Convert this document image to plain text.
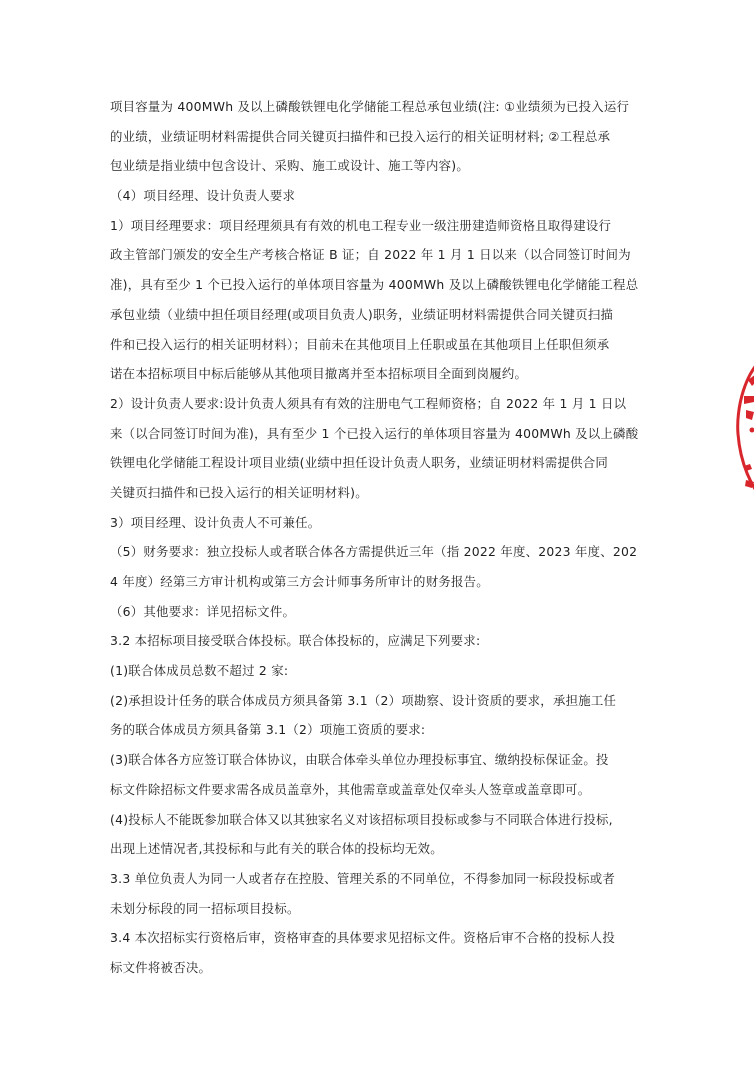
项目容量为 400MWh 及以上磷酸铁锂电化学储能工程总承包业绩(注: ①业绩须为已投入运行
的业绩，业绩证明材料需提供合同关键页扫描件和已投入运行的相关证明材料; ②工程总承
包业绩是指业绩中包含设计、采购、施工或设计、施工等内容)。
（4）项目经理、设计负责人要求
1）项目经理要求：项目经理须具有有效的机电工程专业一级注册建造师资格且取得建设行
政主管部门颁发的安全生产考核合格证 B 证；自 2022 年 1 月 1 日以来（以合同签订时间为
准)，具有至少 1 个已投入运行的单体项目容量为 400MWh 及以上磷酸铁锂电化学储能工程总
承包业绩（业绩中担任项目经理(或项目负责人)职务，业绩证明材料需提供合同关键页扫描
件和已投入运行的相关证明材料）；目前未在其他项目上任职或虽在其他项目上任职但须承
诺在本招标项目中标后能够从其他项目撤离并至本招标项目全面到岗履约。
2）设计负责人要求:设计负责人须具有有效的注册电气工程师资格；自 2022 年 1 月 1 日以
来（以合同签订时间为准)，具有至少 1 个已投入运行的单体项目容量为 400MWh 及以上磷酸
铁锂电化学储能工程设计项目业绩(业绩中担任设计负责人职务，业绩证明材料需提供合同
关键页扫描件和已投入运行的相关证明材料)。
3）项目经理、设计负责人不可兼任。
（5）财务要求：独立投标人或者联合体各方需提供近三年（指 2022 年度、2023 年度、202
4 年度）经第三方审计机构或第三方会计师事务所审计的财务报告。
（6）其他要求：详见招标文件。
3.2 本招标项目接受联合体投标。联合体投标的，应满足下列要求:
(1)联合体成员总数不超过 2 家:
(2)承担设计任务的联合体成员方须具备第 3.1（2）项勘察、设计资质的要求，承担施工任
务的联合体成员方须具备第 3.1（2）项施工资质的要求:
(3)联合体各方应签订联合体协议，由联合体牵头单位办理投标事宜、缴纳投标保证金。投
标文件除招标文件要求需各成员盖章外，其他需章或盖章处仅牵头人签章或盖章即可。
(4)投标人不能既参加联合体又以其独家名义对该招标项目投标或参与不同联合体进行投标,
出现上述情况者,其投标和与此有关的联合体的投标均无效。
3.3 单位负责人为同一人或者存在控股、管理关系的不同单位，不得参加同一标段投标或者
未划分标段的同一招标项目投标。
3.4 本次招标实行资格后审，资格审查的具体要求见招标文件。资格后审不合格的投标人投
标文件将被否决。
